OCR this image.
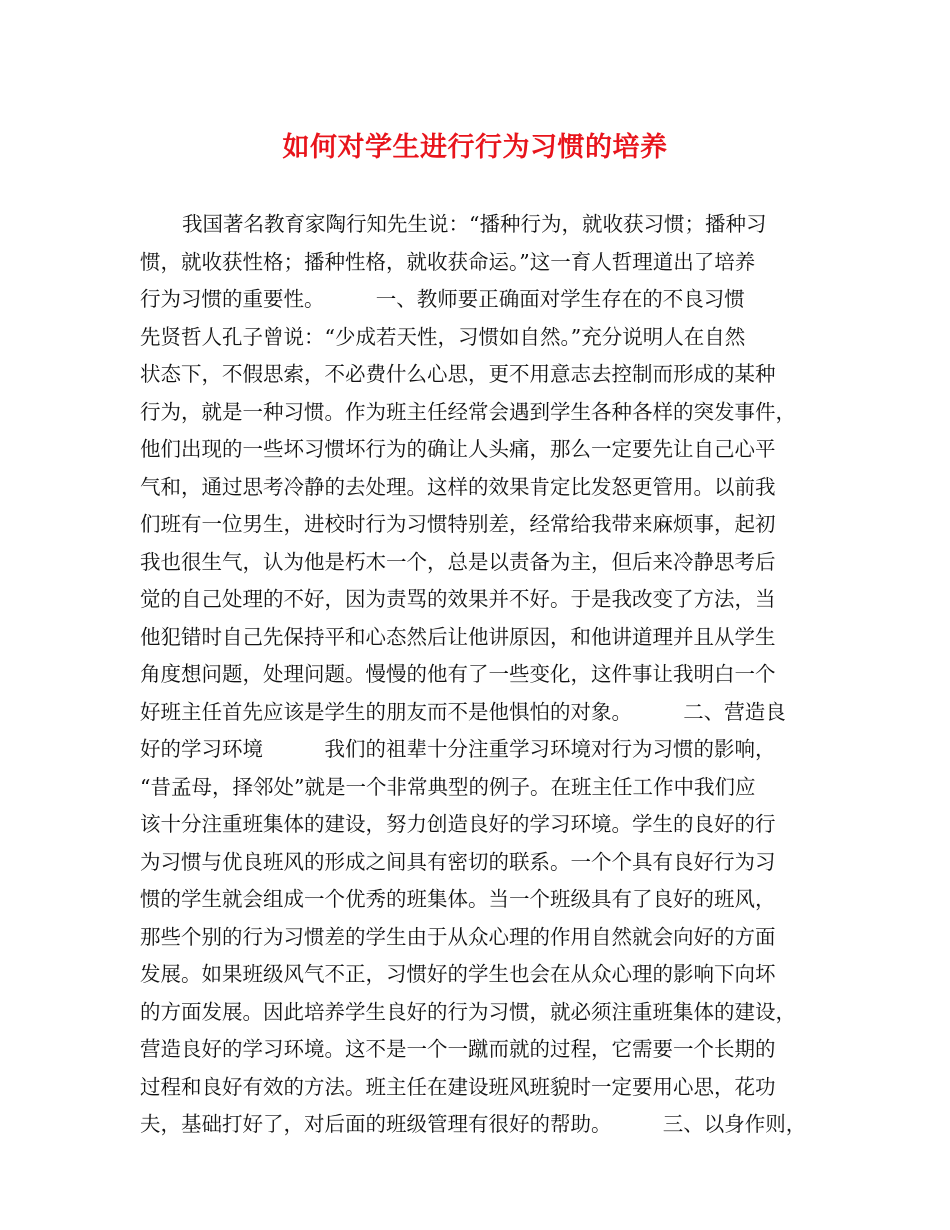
如何对学生进行行为习惯的培养
我国著名教育家陶行知先生说：“播种行为，就收获习惯；播种习
惯，就收获性格；播种性格，就收获命运。”这一育人哲理道出了培养
行为习惯的重要性。　　　一、教师要正确面对学生存在的不良习惯
先贤哲人孔子曾说：“少成若天性，习惯如自然。”充分说明人在自然
状态下，不假思索，不必费什么心思，更不用意志去控制而形成的某种
行为，就是一种习惯。作为班主任经常会遇到学生各种各样的突发事件，
他们出现的一些坏习惯坏行为的确让人头痛，那么一定要先让自己心平
气和，通过思考冷静的去处理。这样的效果肯定比发怒更管用。以前我
们班有一位男生，进校时行为习惯特别差，经常给我带来麻烦事，起初
我也很生气，认为他是朽木一个，总是以责备为主，但后来冷静思考后
觉的自己处理的不好，因为责骂的效果并不好。于是我改变了方法，当
他犯错时自己先保持平和心态然后让他讲原因，和他讲道理并且从学生
角度想问题，处理问题。慢慢的他有了一些变化，这件事让我明白一个
好班主任首先应该是学生的朋友而不是他惧怕的对象。　　　二、营造良
好的学习环境　　　我们的祖辈十分注重学习环境对行为习惯的影响，
“昔孟母，择邻处”就是一个非常典型的例子。在班主任工作中我们应
该十分注重班集体的建设，努力创造良好的学习环境。学生的良好的行
为习惯与优良班风的形成之间具有密切的联系。一个个具有良好行为习
惯的学生就会组成一个优秀的班集体。当一个班级具有了良好的班风，
那些个别的行为习惯差的学生由于从众心理的作用自然就会向好的方面
发展。如果班级风气不正，习惯好的学生也会在从众心理的影响下向坏
的方面发展。因此培养学生良好的行为习惯，就必须注重班集体的建设，
营造良好的学习环境。这不是一个一蹴而就的过程，它需要一个长期的
过程和良好有效的方法。班主任在建设班风班貌时一定要用心思，花功
夫，基础打好了，对后面的班级管理有很好的帮助。　　　三、以身作则，
